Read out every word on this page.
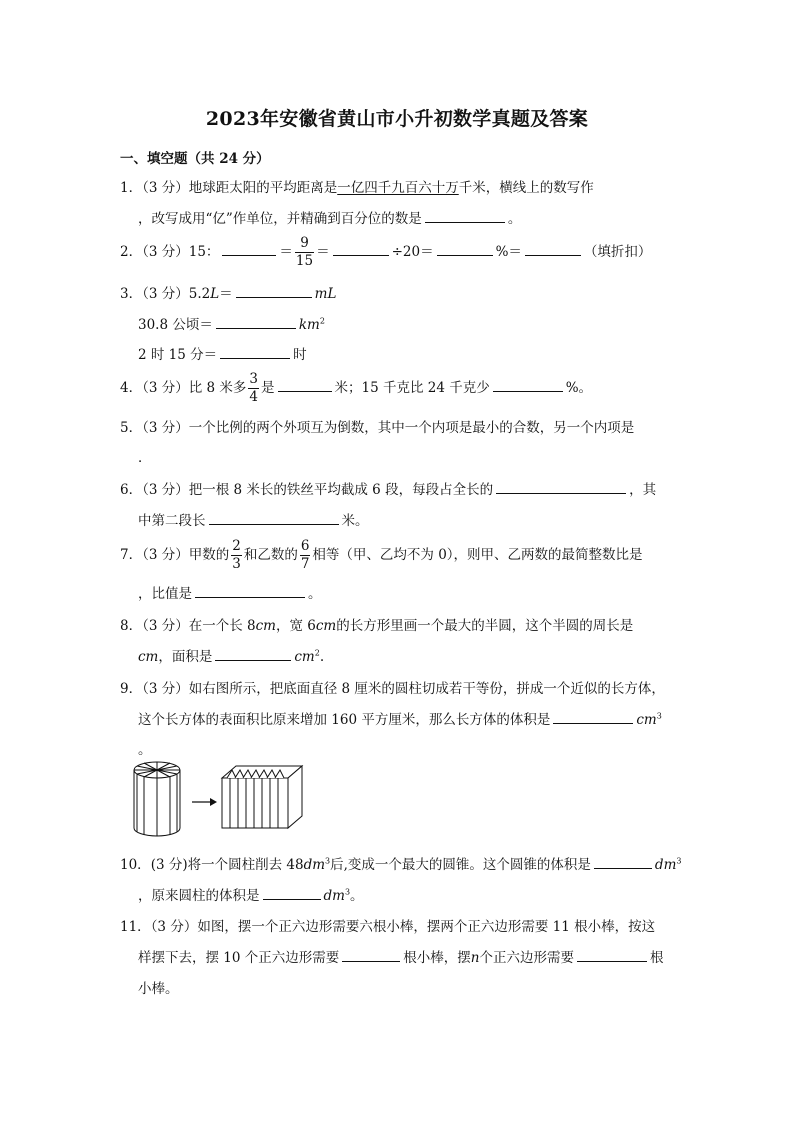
2023年安徽省黄山市小升初数学真题及答案
一、填空题（共 24 分）
1．（3 分）地球距太阳的平均距离是一亿四千九百六十万千米，横线上的数写作
，改写成用“亿”作单位，并精确到百分位的数是	。
2．（3 分）15：	＝ $\frac{9}{15}$ ＝	÷20＝	%＝	（填折扣）
3．（3 分）5.2L＝	mL
30.8 公顷＝	$km^2$
2 时 15 分＝	时
4．（3 分）比 8 米多 $\frac{3}{4}$ 是	米；15 千克比 24 千克少	%。
5．（3 分）一个比例的两个外项互为倒数，其中一个内项是最小的合数，另一个内项是
．
6．（3 分）把一根 8 米长的铁丝平均截成 6 段，每段占全长的	，其
中第二段长	米。
7．（3 分）甲数的 $\frac{2}{3}$ 和乙数的 $\frac{6}{7}$ 相等（甲、乙均不为 0），则甲、乙两数的最简整数比是
，比值是	。
8．（3 分）在一个长 8cm，宽 6cm的长方形里画一个最大的半圆，这个半圆的周长是
cm，面积是	$cm^2$.
9．（3 分）如右图所示，把底面直径 8 厘米的圆柱切成若干等份，拼成一个近似的长方体，
这个长方体的表面积比原来增加 160 平方厘米，那么长方体的体积是	$cm^3$
。
10．(3 分)将一个圆柱削去 $48dm^3$后,变成一个最大的圆锥。这个圆锥的体积是	$dm^3$
，原来圆柱的体积是	$dm^3$。
11．（3 分）如图，摆一个正六边形需要六根小棒，摆两个正六边形需要 11 根小棒，按这
样摆下去，摆 10 个正六边形需要	根小棒，摆n个正六边形需要	根
小棒。
